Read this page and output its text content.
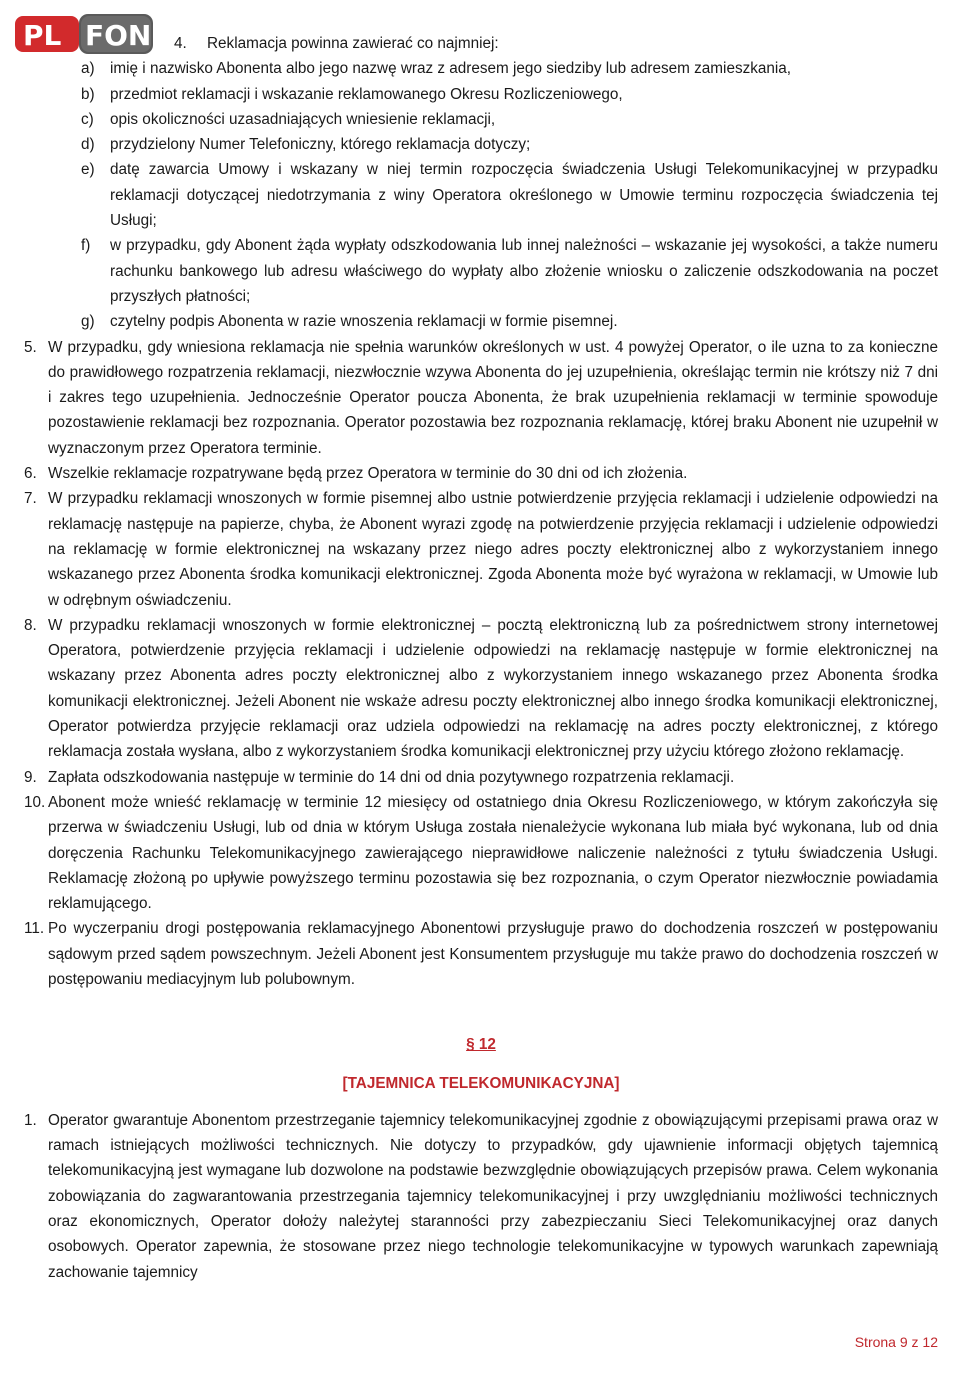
PL FON 4.	Reklamacja powinna zawierać co najmniej:
a)	imię i nazwisko Abonenta albo jego nazwę wraz z adresem jego siedziby lub adresem zamieszkania,
b)	przedmiot reklamacji i wskazanie reklamowanego Okresu Rozliczeniowego,
c)	opis okoliczności uzasadniających wniesienie reklamacji,
d)	przydzielony Numer Telefoniczny, którego reklamacja dotyczy;
e)	datę zawarcia Umowy i wskazany w niej termin rozpoczęcia świadczenia Usługi Telekomunikacyjnej w przypadku reklamacji dotyczącej niedotrzymania z winy Operatora określonego w Umowie terminu rozpoczęcia świadczenia tej Usługi;
f)	w przypadku, gdy Abonent żąda wypłaty odszkodowania lub innej należności – wskazanie jej wysokości, a także numeru rachunku bankowego lub adresu właściwego do wypłaty albo złożenie wniosku o zaliczenie odszkodowania na poczet przyszłych płatności;
g)	czytelny podpis Abonenta w razie wnoszenia reklamacji w formie pisemnej.
5. W przypadku, gdy wniesiona reklamacja nie spełnia warunków określonych w ust. 4 powyżej Operator, o ile uzna to za konieczne do prawidłowego rozpatrzenia reklamacji, niezwłocznie wzywa Abonenta do jej uzupełnienia, określając termin nie krótszy niż 7 dni i zakres tego uzupełnienia. Jednocześnie Operator poucza Abonenta, że brak uzupełnienia reklamacji w terminie spowoduje pozostawienie reklamacji bez rozpoznania. Operator pozostawia bez rozpoznania reklamację, której braku Abonent nie uzupełnił w wyznaczonym przez Operatora terminie.
6. Wszelkie reklamacje rozpatrywane będą przez Operatora w terminie do 30 dni od ich złożenia.
7. W przypadku reklamacji wnoszonych w formie pisemnej albo ustnie potwierdzenie przyjęcia reklamacji i udzielenie odpowiedzi na reklamację następuje na papierze, chyba, że Abonent wyrazi zgodę na potwierdzenie przyjęcia reklamacji i udzielenie odpowiedzi na reklamację w formie elektronicznej na wskazany przez niego adres poczty elektronicznej albo z wykorzystaniem innego wskazanego przez Abonenta środka komunikacji elektronicznej. Zgoda Abonenta może być wyrażona w reklamacji, w Umowie lub w odrębnym oświadczeniu.
8. W przypadku reklamacji wnoszonych w formie elektronicznej – pocztą elektroniczną lub za pośrednictwem strony internetowej Operatora, potwierdzenie przyjęcia reklamacji i udzielenie odpowiedzi na reklamację następuje w formie elektronicznej na wskazany przez Abonenta adres poczty elektronicznej albo z wykorzystaniem innego wskazanego przez Abonenta środka komunikacji elektronicznej. Jeżeli Abonent nie wskaże adresu poczty elektronicznej albo innego środka komunikacji elektronicznej, Operator potwierdza przyjęcie reklamacji oraz udziela odpowiedzi na reklamację na adres poczty elektronicznej, z którego reklamacja została wysłana, albo z wykorzystaniem środka komunikacji elektronicznej przy użyciu którego złożono reklamację.
9. Zapłata odszkodowania następuje w terminie do 14 dni od dnia pozytywnego rozpatrzenia reklamacji.
10. Abonent może wnieść reklamację w terminie 12 miesięcy od ostatniego dnia Okresu Rozliczeniowego, w którym zakończyła się przerwa w świadczeniu Usługi, lub od dnia w którym Usługa została nienależycie wykonana lub miała być wykonana, lub od dnia doręczenia Rachunku Telekomunikacyjnego zawierającego nieprawidłowe naliczenie należności z tytułu świadczenia Usługi. Reklamację złożoną po upływie powyższego terminu pozostawia się bez rozpoznania, o czym Operator niezwłocznie powiadamia reklamującego.
11. Po wyczerpaniu drogi postępowania reklamacyjnego Abonentowi przysługuje prawo do dochodzenia roszczeń w postępowaniu sądowym przed sądem powszechnym. Jeżeli Abonent jest Konsumentem przysługuje mu także prawo do dochodzenia roszczeń w postępowaniu mediacyjnym lub polubownym.
§ 12
[TAJEMNICA TELEKOMUNIKACYJNA]
1. Operator gwarantuje Abonentom przestrzeganie tajemnicy telekomunikacyjnej zgodnie z obowiązującymi przepisami prawa oraz w ramach istniejących możliwości technicznych. Nie dotyczy to przypadków, gdy ujawnienie informacji objętych tajemnicą telekomunikacyjną jest wymagane lub dozwolone na podstawie bezwzględnie obowiązujących przepisów prawa. Celem wykonania zobowiązania do zagwarantowania przestrzegania tajemnicy telekomunikacyjnej i przy uwzględnianiu możliwości technicznych oraz ekonomicznych, Operator dołoży należytej staranności przy zabezpieczaniu Sieci Telekomunikacyjnej oraz danych osobowych. Operator zapewnia, że stosowane przez niego technologie telekomunikacyjne w typowych warunkach zapewniają zachowanie tajemnicy
Strona 9 z 12
